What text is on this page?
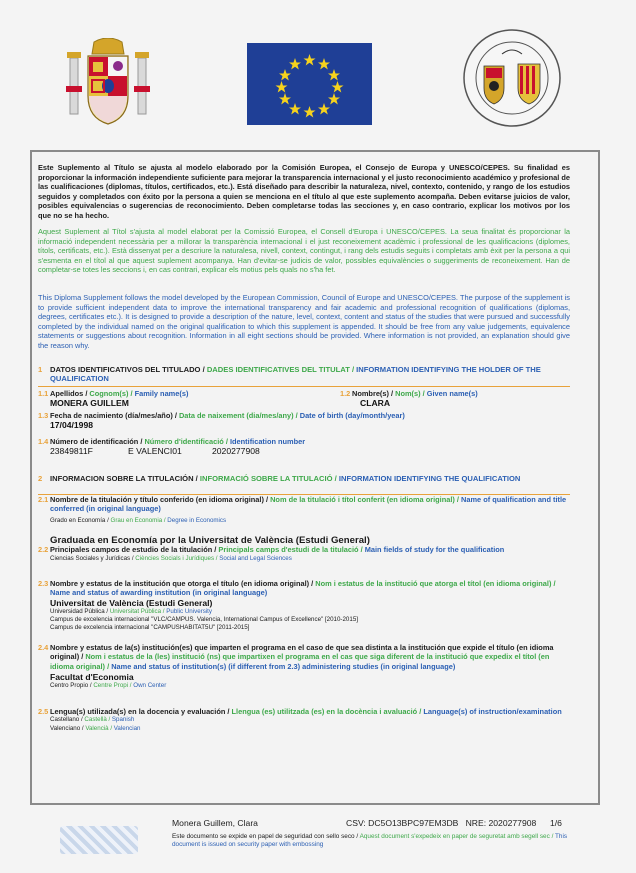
Este Suplemento al Título se ajusta al modelo elaborado por la Comisión Europea, el Consejo de Europa y UNESCO/CEPES. Su finalidad es proporcionar la información independiente suficiente para mejorar la transparencia internacional y el justo reconocimiento académico y profesional de las cualificaciones (diplomas, títulos, certificados, etc.). Está diseñado para describir la naturaleza, nivel, contexto, contenido, y rango de los estudios seguidos y completados con éxito por la persona a quien se menciona en el título al que este suplemento acompaña. Deben evitarse juicios de valor, posibles equivalencias o sugerencias de reconocimiento. Deben completarse todas las secciones y, en caso contrario, explicar los motivos por los que no se ha hecho.

Aquest Suplement al Títol s'ajusta al model elaborat per la Comissió Europea, el Consell d'Europa i UNESCO/CEPES. La seua finalitat és proporcionar la informació independent necessària per a millorar la transparència internacional i el just reconeixement acadèmic i professional de les qualificacions (diplomes, títols, certificats, etc.). Està dissenyat per a descriure la naturalesa, nivell, context, contingut, i rang dels estudis seguits i completats amb èxit per la persona a qui s'esmenta en el títol al que aquest suplement acompanya. Han d'evitar-se judicis de valor, possibles equivalències o suggeriments de reconeixement. Han de completar-se totes les seccions i, en cas contrari, explicar els motius pels quals no s'ha fet.

This Diploma Supplement follows the model developed by the European Commission, Council of Europe and UNESCO/CEPES. The purpose of the supplement is to provide sufficient independent data to improve the international transparency and fair academic and professional recognition of qualifications (diplomas, degrees, certificates etc.). It is designed to provide a description of the nature, level, context, content and status of the studies that were pursued and successfully completed by the individual named on the original qualification to which this supplement is appended. It should be free from any value judgements, equivalence statements or suggestions about recognition. Information in all eight sections should be provided. Where information is not provided, an explanation should give the reason why.

1	DATOS IDENTIFICATIVOS DEL TITULADO / DADES IDENTIFICATIVES DEL TITULAT / INFORMATION IDENTIFYING THE HOLDER OF THE QUALIFICATION
1.1 Apellidos / Cognom(s) / Family name(s)
MONERA GUILLEM
1.2 Nombre(s) / Nom(s) / Given name(s)
CLARA
1.3 Fecha de nacimiento (día/mes/año) / Data de naixement (dia/mes/any) / Date of birth (day/month/year)
17/04/1998
1.4 Número de identificación / Número d'identificació / Identification number
23849811F	E VALENCI01	2020277908
2	INFORMACION SOBRE LA TITULACIÓN / INFORMACIÓ SOBRE LA TITULACIÓ / INFORMATION IDENTIFYING THE QUALIFICATION
2.1 Nombre de la titulación y título conferido (en idioma original) / Nom de la titulació i títol conferit (en idioma original) / Name of qualification and title conferred (in original language)
Grado en Economía / Grau en Economia / Degree in Economics
Graduada en Economía por la Universitat de València (Estudi General)
2.2 Principales campos de estudio de la titulación / Principals camps d'estudi de la titulació / Main fields of study for the qualification
Ciencias Sociales y Jurídicas / Ciències Socials i Jurídiques / Social and Legal Sciences
2.3 Nombre y estatus de la institución que otorga el título (en idioma original) / Nom i estatus de la institució que atorga el títol (en idioma original) / Name and status of awarding institution (in original language)
Universitat de València (Estudi General)
Universidad Pública / Universitat Pública / Public University
Campus de excelencia internacional "VLC/CAMPUS. Valencia, International Campus of Excellence" [2010-2015]
Campus de excelencia internacional "CAMPUSHABITAT5U" [2011-2015]
2.4 Nombre y estatus de la(s) institución(es) que imparten el programa en el caso de que sea distinta a la institución que expide el título (en idioma original) / Nom i estatus de la (les) institució (ns) que impartixen el programa en el cas que siga diferent de la institució que expedix el títol (en idioma original) / Name and status of institution(s) (if different from 2.3) administering studies (in original language)
Facultat d'Economia
Centro Propio / Centre Propi / Own Center
2.5 Lengua(s) utilizada(s) en la docencia y evaluación / Llengua (es) utilitzada (es) en la docència i avaluació / Language(s) of instruction/examination
Castellano / Castellà / Spanish
Valenciano / Valencià / Valencian
Monera Guillem, Clara	CSV: DC5O13BPC97EM3DB NRE: 2020277908 1/6

Este documento se expide en papel de seguridad con sello seco / Aquest document s'expedeix en paper de seguretat amb segell sec / This document is issued on security paper with embossing
